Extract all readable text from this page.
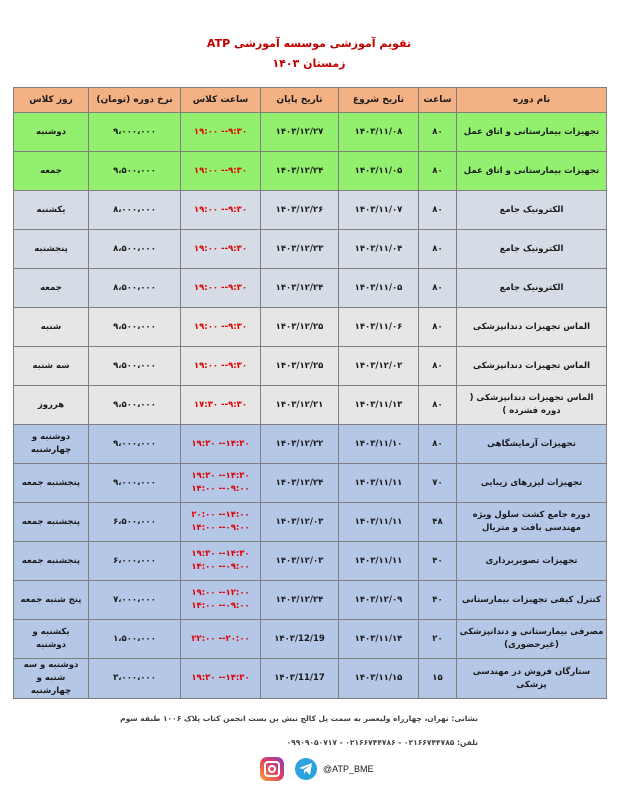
تقویم آموزشی موسسه آموزشی ATP
زمستان ۱۴۰۳
نام دوره	ساعت	تاریخ شروع	تاریخ پایان	ساعت کلاس	نرخ دوره (تومان)	روز کلاس
تجهیزات بیمارستانی و اتاق عمل	۸۰	۱۴۰۳/۱۱/۰۸	۱۴۰۳/۱۲/۲۷	۹:۳۰-- ۱۹:۰۰	۹،۰۰۰،۰۰۰	دوشنبه
تجهیزات بیمارستانی و اتاق عمل	۸۰	۱۴۰۳/۱۱/۰۵	۱۴۰۳/۱۲/۲۴	۹:۳۰-- ۱۹:۰۰	۹،۵۰۰،۰۰۰	جمعه
الکترونیک جامع	۸۰	۱۴۰۳/۱۱/۰۷	۱۴۰۳/۱۲/۲۶	۹:۳۰-- ۱۹:۰۰	۸،۰۰۰،۰۰۰	یکشنبه
الکترونیک جامع	۸۰	۱۴۰۳/۱۱/۰۴	۱۴۰۳/۱۲/۲۳	۹:۳۰-- ۱۹:۰۰	۸،۵۰۰،۰۰۰	پنجشنبه
الکترونیک جامع	۸۰	۱۴۰۳/۱۱/۰۵	۱۴۰۳/۱۲/۲۴	۹:۳۰-- ۱۹:۰۰	۸،۵۰۰،۰۰۰	جمعه
الماس تجهیزات دندانپزشکی	۸۰	۱۴۰۳/۱۱/۰۶	۱۴۰۳/۱۲/۲۵	۹:۳۰-- ۱۹:۰۰	۹،۵۰۰،۰۰۰	شنبه
الماس تجهیزات دندانپزشکی	۸۰	۱۴۰۳/۱۲/۰۲	۱۴۰۳/۱۲/۲۵	۹:۳۰-- ۱۹:۰۰	۹،۵۰۰،۰۰۰	سه شنبه
الماس تجهیزات دندانپزشکی ( دوره فشرده )	۸۰	۱۴۰۳/۱۱/۱۳	۱۴۰۳/۱۲/۲۱	۹:۳۰-- ۱۷:۳۰	۹،۵۰۰،۰۰۰	هرروز
تجهیزات آزمایشگاهی	۸۰	۱۴۰۳/۱۱/۱۰	۱۴۰۳/۱۲/۲۲	۱۴:۳۰-- ۱۹:۳۰	۹،۰۰۰،۰۰۰	دوشنبه و چهارشنبه
تجهیزات لیزرهای زیبایی	۷۰	۱۴۰۳/۱۱/۱۱	۱۴۰۳/۱۲/۲۴	۱۴:۳۰-- ۱۹:۳۰ ۰۹:۰۰-- ۱۴:۰۰	۹،۰۰۰،۰۰۰	پنجشنبه جمعه
دوره جامع کشت سلول ویژه مهندسی بافت و متریال	۴۸	۱۴۰۳/۱۱/۱۱	۱۴۰۳/۱۲/۰۳	۱۴:۰۰-- ۲۰:۰۰ ۰۹:۰۰-- ۱۴:۰۰	۶،۵۰۰،۰۰۰	پنجشنبه جمعه
تجهیزات تصویربرداری	۴۰	۱۴۰۳/۱۱/۱۱	۱۴۰۳/۱۲/۰۳	۱۴:۳۰-- ۱۹:۳۰ ۰۹:۰۰-- ۱۴:۰۰	۶،۰۰۰،۰۰۰	پنجشنبه جمعه
کنترل کیفی تجهیزات بیمارستانی	۴۰	۱۴۰۳/۱۲/۰۹	۱۴۰۳/۱۲/۲۴	۱۲:۰۰-- ۱۹:۰۰ ۰۹:۰۰-- ۱۴:۰۰	۷،۰۰۰،۰۰۰	پنج شنبه جمعه
مصرفی بیمارستانی و دندانپزشکی (غیرحضوری)	۲۰	۱۴۰۳/۱۱/۱۴	۱۴۰۳/12/19	۲۰:۰۰-- ۲۲:۰۰	۱،۵۰۰،۰۰۰	یکشنبه و دوشنبه
ستارگان فروش در مهندسی پزشکی	۱۵	۱۴۰۳/۱۱/۱۵	۱۴۰۳/11/17	۱۴:۳۰-- ۱۹:۳۰	۳،۰۰۰،۰۰۰	دوشنبه و سه شنبه و چهارشنبه
نشانی: تهران، چهارراه ولیعصر به سمت پل کالج نبش بن بست انجمن کتاب پلاک ۱۰۰۶ طبقه سوم
تلفن: ۰۲۱۶۶۷۴۴۷۸۵ - ۰۲۱۶۶۷۴۴۷۸۶ - ۰۹۹۰۹۰۵۰۷۱۷
@ATP_BME
